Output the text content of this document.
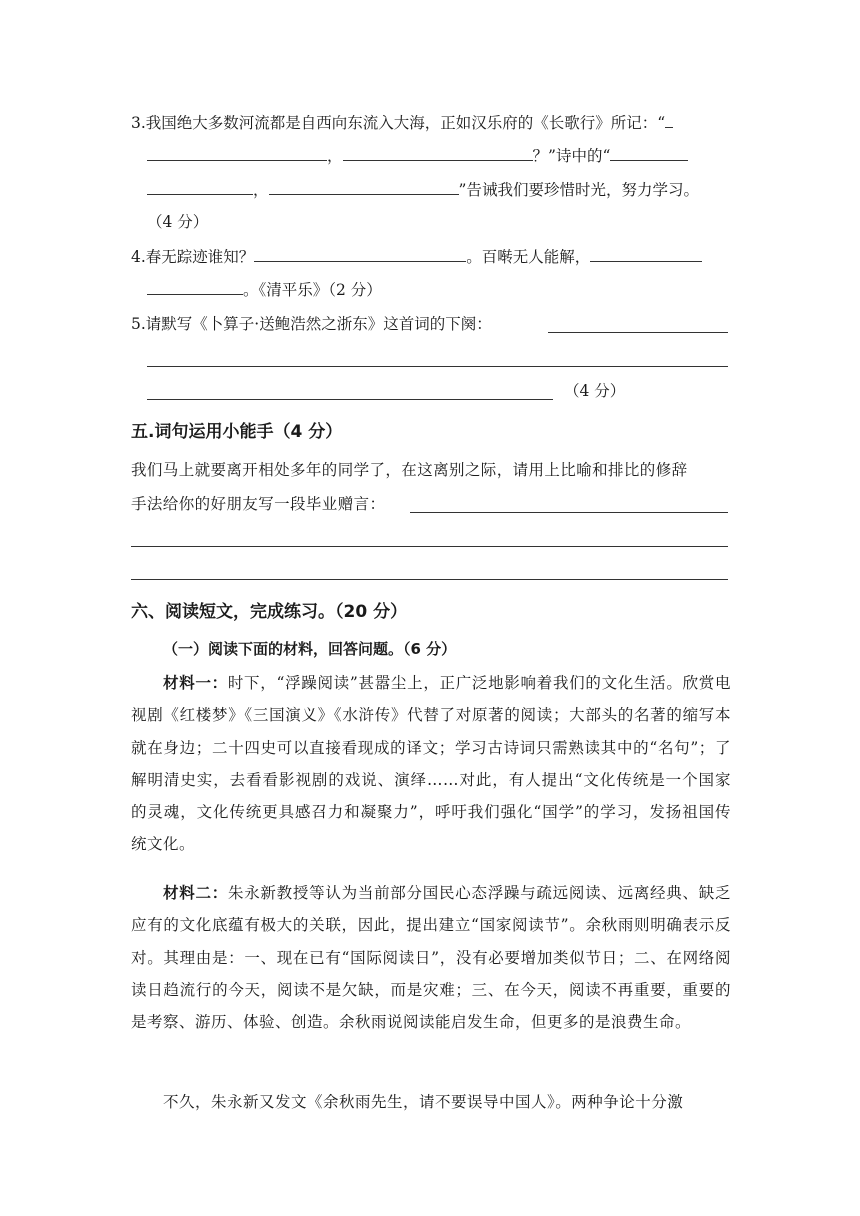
3.我国绝大多数河流都是自西向东流入大海，正如汉乐府的《长歌行》所记：“
，	？”诗中的“
，	”告诫我们要珍惜时光，努力学习。
（4 分）
4.春无踪迹谁知？	。百啭无人能解，
。《清平乐》（2 分）
5.请默写《卜算子·送鲍浩然之浙东》这首词的下阕：
（4 分）
五.词句运用小能手（4 分）
我们马上就要离开相处多年的同学了，在这离别之际，请用上比喻和排比的修辞
手法给你的好朋友写一段毕业赠言：
六、阅读短文，完成练习。（20 分）
（一）阅读下面的材料，回答问题。（6 分）
材料一：时下，“浮躁阅读”甚嚣尘上，正广泛地影响着我们的文化生活。欣赏电视剧《红楼梦》《三国演义》《水浒传》代替了对原著的阅读；大部头的名著的缩写本就在身边；二十四史可以直接看现成的译文；学习古诗词只需熟读其中的“名句”；了解明清史实，去看看影视剧的戏说、演绎……对此，有人提出“文化传统是一个国家的灵魂，文化传统更具感召力和凝聚力”，呼吁我们强化“国学”的学习，发扬祖国传统文化。
材料二：朱永新教授等认为当前部分国民心态浮躁与疏远阅读、远离经典、缺乏应有的文化底蕴有极大的关联，因此，提出建立“国家阅读节”。余秋雨则明确表示反对。其理由是：一、现在已有“国际阅读日”，没有必要增加类似节日；二、在网络阅读日趋流行的今天，阅读不是欠缺，而是灾难；三、在今天，阅读不再重要，重要的是考察、游历、体验、创造。余秋雨说阅读能启发生命，但更多的是浪费生命。
不久，朱永新又发文《余秋雨先生，请不要误导中国人》。两种争论十分激
